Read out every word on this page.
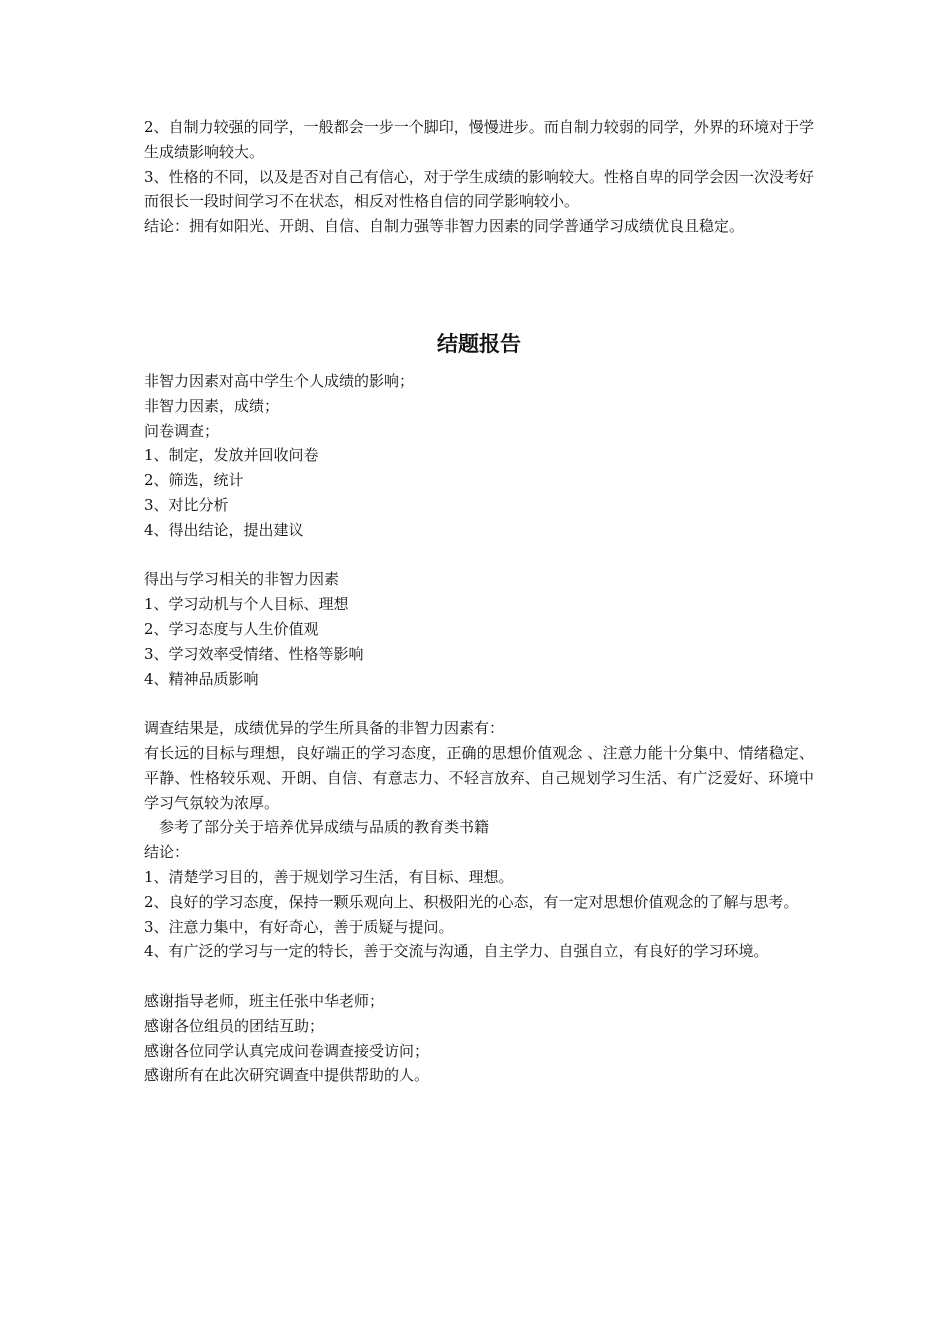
2、自制力较强的同学，一般都会一步一个脚印，慢慢进步。而自制力较弱的同学，外界的环境对于学生成绩影响较大。

3、性格的不同，以及是否对自己有信心，对于学生成绩的影响较大。性格自卑的同学会因一次没考好而很长一段时间学习不在状态，相反对性格自信的同学影响较小。

结论：拥有如阳光、开朗、自信、自制力强等非智力因素的同学普通学习成绩优良且稳定。

结题报告

非智力因素对高中学生个人成绩的影响；

非智力因素，成绩；

问卷调查；

1、制定，发放并回收问卷

2、筛选，统计

3、对比分析

4、得出结论，提出建议

得出与学习相关的非智力因素

1、学习动机与个人目标、理想

2、学习态度与人生价值观

3、学习效率受情绪、性格等影响

4、精神品质影响

调查结果是，成绩优异的学生所具备的非智力因素有：

有长远的目标与理想，良好端正的学习态度，正确的思想价值观念 、注意力能十分集中、情绪稳定、平静、性格较乐观、开朗、自信、有意志力、不轻言放弃、自己规划学习生活、有广泛爱好、环境中学习气氛较为浓厚。

参考了部分关于培养优异成绩与品质的教育类书籍

结论：

1、清楚学习目的，善于规划学习生活，有目标、理想。

2、良好的学习态度，保持一颗乐观向上、积极阳光的心态，有一定对思想价值观念的了解与思考。

3、注意力集中，有好奇心，善于质疑与提问。

4、有广泛的学习与一定的特长，善于交流与沟通，自主学力、自强自立，有良好的学习环境。

感谢指导老师，班主任张中华老师；

感谢各位组员的团结互助；

感谢各位同学认真完成问卷调查接受访问；

感谢所有在此次研究调查中提供帮助的人。
